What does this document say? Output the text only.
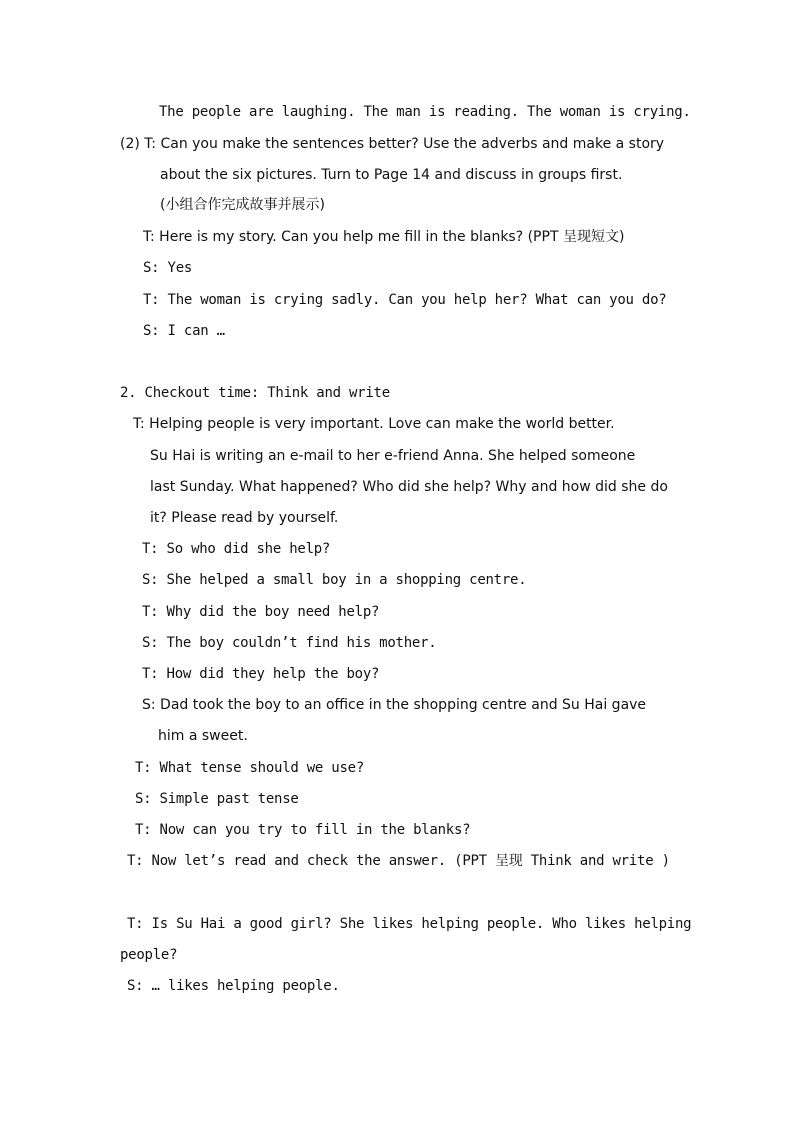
The people are laughing. The man is reading. The woman is crying.
(2) T: Can you make the sentences better? Use the adverbs and make a story
about the six pictures. Turn to Page 14 and discuss in groups first.
(小组合作完成故事并展示)
T: Here is my story. Can you help me fill in the blanks? (PPT 呈现短文)
S: Yes
T: The woman is crying sadly. Can you help her? What can you do?
S: I can …
2. Checkout time: Think and write
T: Helping people is very important. Love can make the world better.
Su Hai is writing an e-mail to her e-friend Anna. She helped someone
last Sunday. What happened? Who did she help? Why and how did she do
it? Please read by yourself.
T: So who did she help?
S: She helped a small boy in a shopping centre.
T: Why did the boy need help?
S: The boy couldn’t find his mother.
T: How did they help the boy?
S: Dad took the boy to an office in the shopping centre and Su Hai gave
him a sweet.
T: What tense should we use?
S: Simple past tense
T: Now can you try to fill in the blanks?
T: Now let’s read and check the answer. (PPT 呈现 Think and write )
T: Is Su Hai a good girl? She likes helping people. Who likes helping
people?
S: … likes helping people.
